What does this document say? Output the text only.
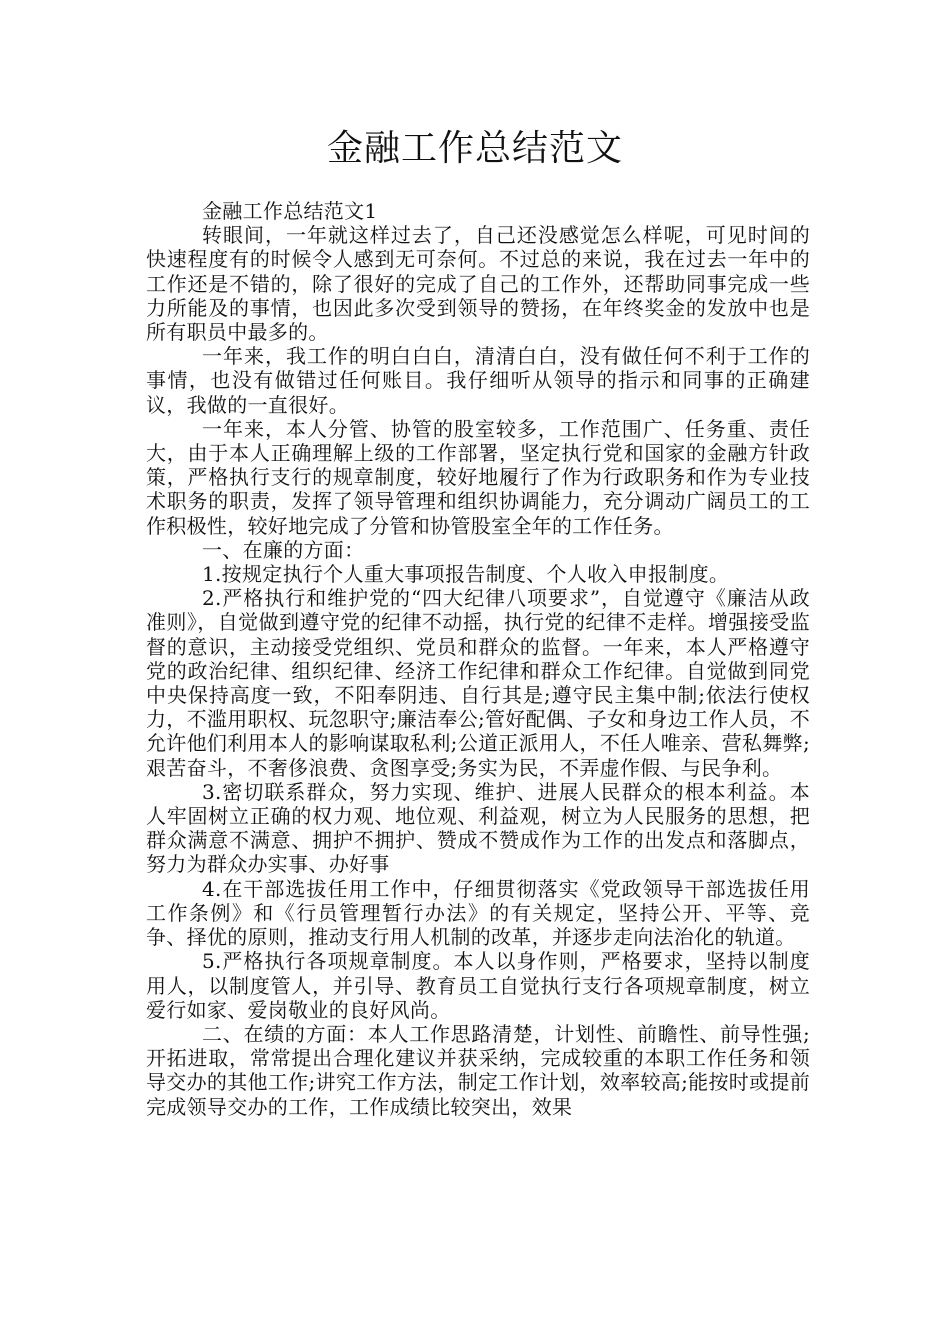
金融工作总结范文

金融工作总结范文1

转眼间，一年就这样过去了，自己还没感觉怎么样呢，可见时间的快速程度有的时候令人感到无可奈何。不过总的来说，我在过去一年中的工作还是不错的，除了很好的完成了自己的工作外，还帮助同事完成一些力所能及的事情，也因此多次受到领导的赞扬，在年终奖金的发放中也是所有职员中最多的。

一年来，我工作的明白白白，清清白白，没有做任何不利于工作的事情，也没有做错过任何账目。我仔细听从领导的指示和同事的正确建议，我做的一直很好。

一年来，本人分管、协管的股室较多，工作范围广、任务重、责任大，由于本人正确理解上级的工作部署，坚定执行党和国家的金融方针政策，严格执行支行的规章制度，较好地履行了作为行政职务和作为专业技术职务的职责，发挥了领导管理和组织协调能力，充分调动广阔员工的工作积极性，较好地完成了分管和协管股室全年的工作任务。

一、在廉的方面：

1.按规定执行个人重大事项报告制度、个人收入申报制度。

2.严格执行和维护党的“四大纪律八项要求”，自觉遵守《廉洁从政准则》，自觉做到遵守党的纪律不动摇，执行党的纪律不走样。增强接受监督的意识，主动接受党组织、党员和群众的监督。一年来，本人严格遵守党的政治纪律、组织纪律、经济工作纪律和群众工作纪律。自觉做到同党中央保持高度一致，不阳奉阴违、自行其是;遵守民主集中制;依法行使权力，不滥用职权、玩忽职守;廉洁奉公;管好配偶、子女和身边工作人员，不允许他们利用本人的影响谋取私利;公道正派用人，不任人唯亲、营私舞弊;艰苦奋斗，不奢侈浪费、贪图享受;务实为民，不弄虚作假、与民争利。

3.密切联系群众，努力实现、维护、进展人民群众的根本利益。本人牢固树立正确的权力观、地位观、利益观，树立为人民服务的思想，把群众满意不满意、拥护不拥护、赞成不赞成作为工作的出发点和落脚点，努力为群众办实事、办好事

4.在干部选拔任用工作中，仔细贯彻落实《党政领导干部选拔任用工作条例》和《行员管理暂行办法》的有关规定，坚持公开、平等、竞争、择优的原则，推动支行用人机制的改革，并逐步走向法治化的轨道。

5.严格执行各项规章制度。本人以身作则，严格要求，坚持以制度用人，以制度管人，并引导、教育员工自觉执行支行各项规章制度，树立爱行如家、爱岗敬业的良好风尚。

二、在绩的方面：本人工作思路清楚，计划性、前瞻性、前导性强;开拓进取，常常提出合理化建议并获采纳，完成较重的本职工作任务和领导交办的其他工作;讲究工作方法，制定工作计划，效率较高;能按时或提前完成领导交办的工作，工作成绩比较突出，效果
